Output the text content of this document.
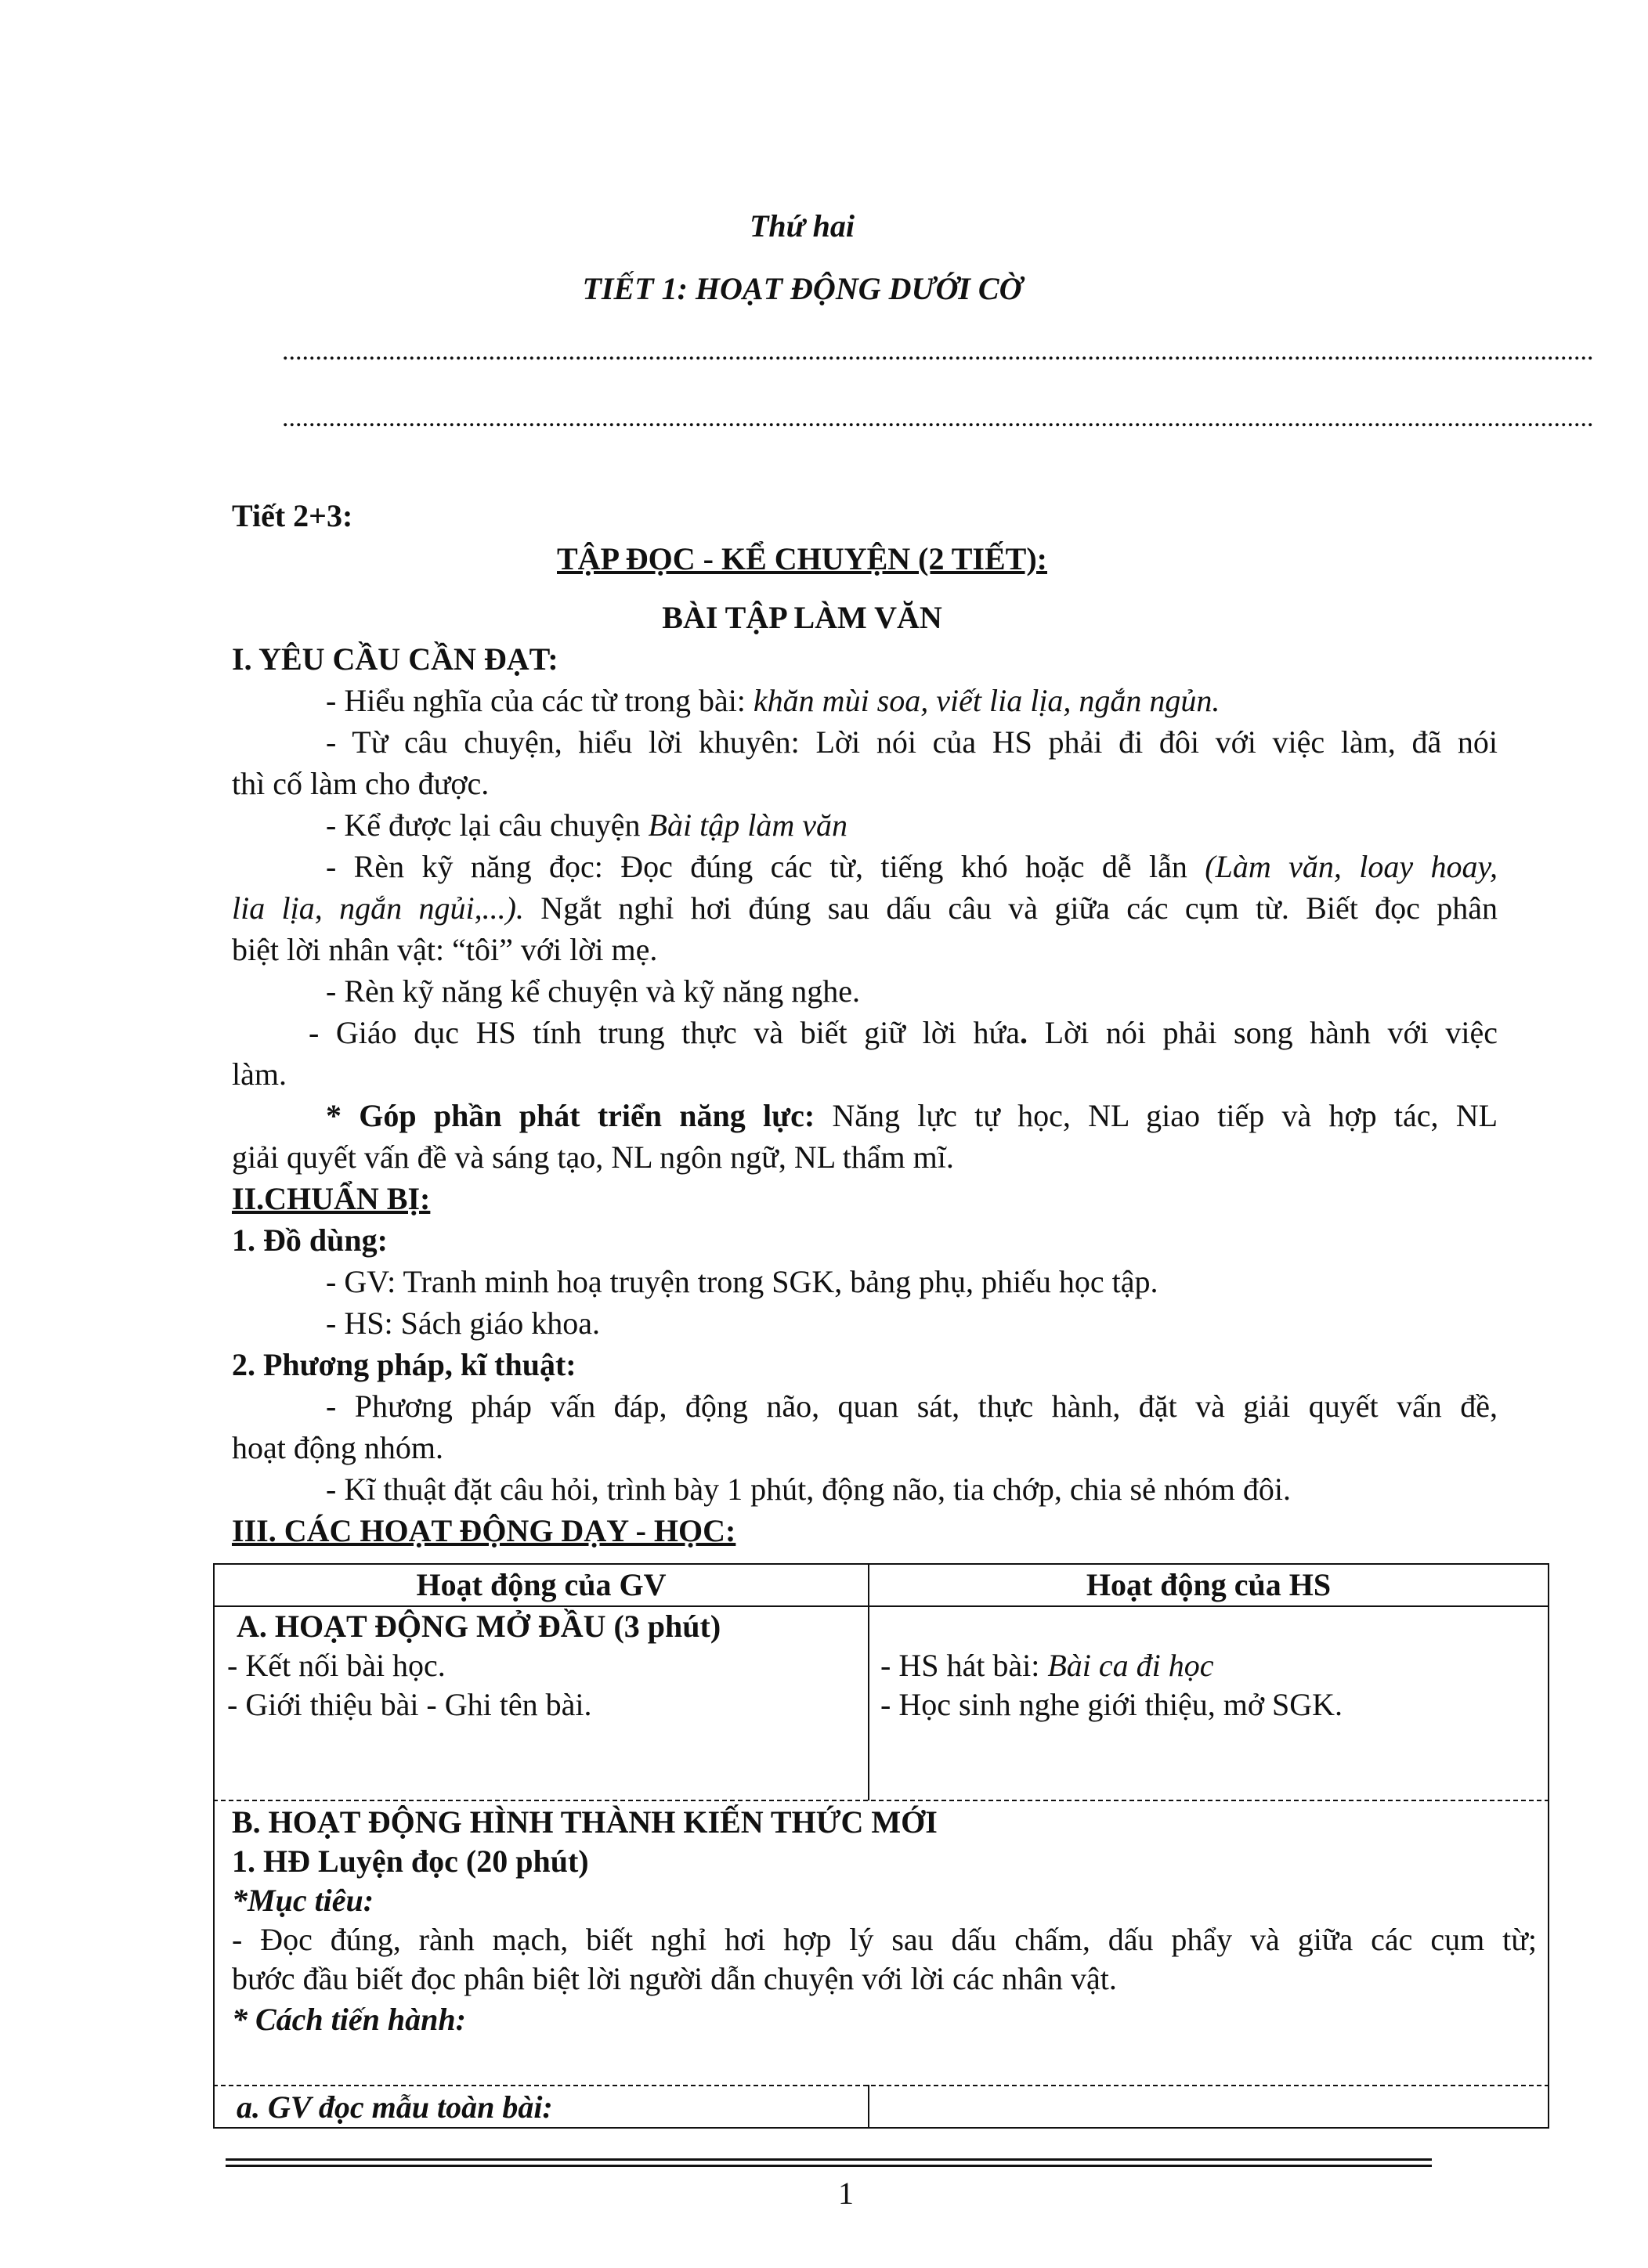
Thứ hai
TIẾT 1: HOẠT ĐỘNG DƯỚI CỜ
.....................................................................................................................................................................................................
.....................................................................................................................................................................................................
Tiết 2+3:
TẬP ĐỌC - KỂ CHUYỆN (2 TIẾT):
BÀI TẬP LÀM VĂN
I. YÊU CẦU CẦN ĐẠT:
- Hiểu nghĩa của các từ trong bài: khăn mùi soa, viết lia lịa, ngắn ngủn.
- Từ câu chuyện, hiểu lời khuyên: Lời nói của HS phải đi đôi với việc làm, đã nói
thì cố làm cho được.
- Kể được lại câu chuyện Bài tập làm văn
- Rèn kỹ năng đọc: Đọc đúng các từ, tiếng khó hoặc dễ lẫn (Làm văn, loay hoay,
lia lịa, ngắn ngủi,...). Ngắt nghỉ hơi đúng sau dấu câu và giữa các cụm từ. Biết đọc phân
biệt lời nhân vật: “tôi” với lời mẹ.
- Rèn kỹ năng kể chuyện và kỹ năng nghe.
- Giáo dục HS tính trung thực và biết giữ lời hứa. Lời nói phải song hành với việc
làm.
* Góp phần phát triển năng lực: Năng lực tự học, NL giao tiếp và hợp tác, NL
giải quyết vấn đề và sáng tạo, NL ngôn ngữ, NL thẩm mĩ.
II.CHUẨN BỊ:
1. Đồ dùng:
- GV: Tranh minh hoạ truyện trong SGK, bảng phụ, phiếu học tập.
- HS: Sách giáo khoa.
2. Phương pháp, kĩ thuật:
- Phương pháp vấn đáp, động não, quan sát, thực hành, đặt và giải quyết vấn đề,
hoạt động nhóm.
- Kĩ thuật đặt câu hỏi, trình bày 1 phút, động não, tia chớp, chia sẻ nhóm đôi.
III. CÁC HOẠT ĐỘNG DẠY - HỌC:
Hoạt động của GV	Hoạt động của HS
A. HOẠT ĐỘNG MỞ ĐẦU (3 phút)
- Kết nối bài học.
- Giới thiệu bài - Ghi tên bài.
- HS hát bài: Bài ca đi học
- Học sinh nghe giới thiệu, mở SGK.
B. HOẠT ĐỘNG HÌNH THÀNH KIẾN THỨC MỚI
1. HĐ Luyện đọc (20 phút)
*Mục tiêu:
- Đọc đúng, rành mạch, biết nghỉ hơi hợp lý sau dấu chấm, dấu phẩy và giữa các cụm từ;
bước đầu biết đọc phân biệt lời người dẫn chuyện với lời các nhân vật.
* Cách tiến hành:
a. GV đọc mẫu toàn bài:
1
